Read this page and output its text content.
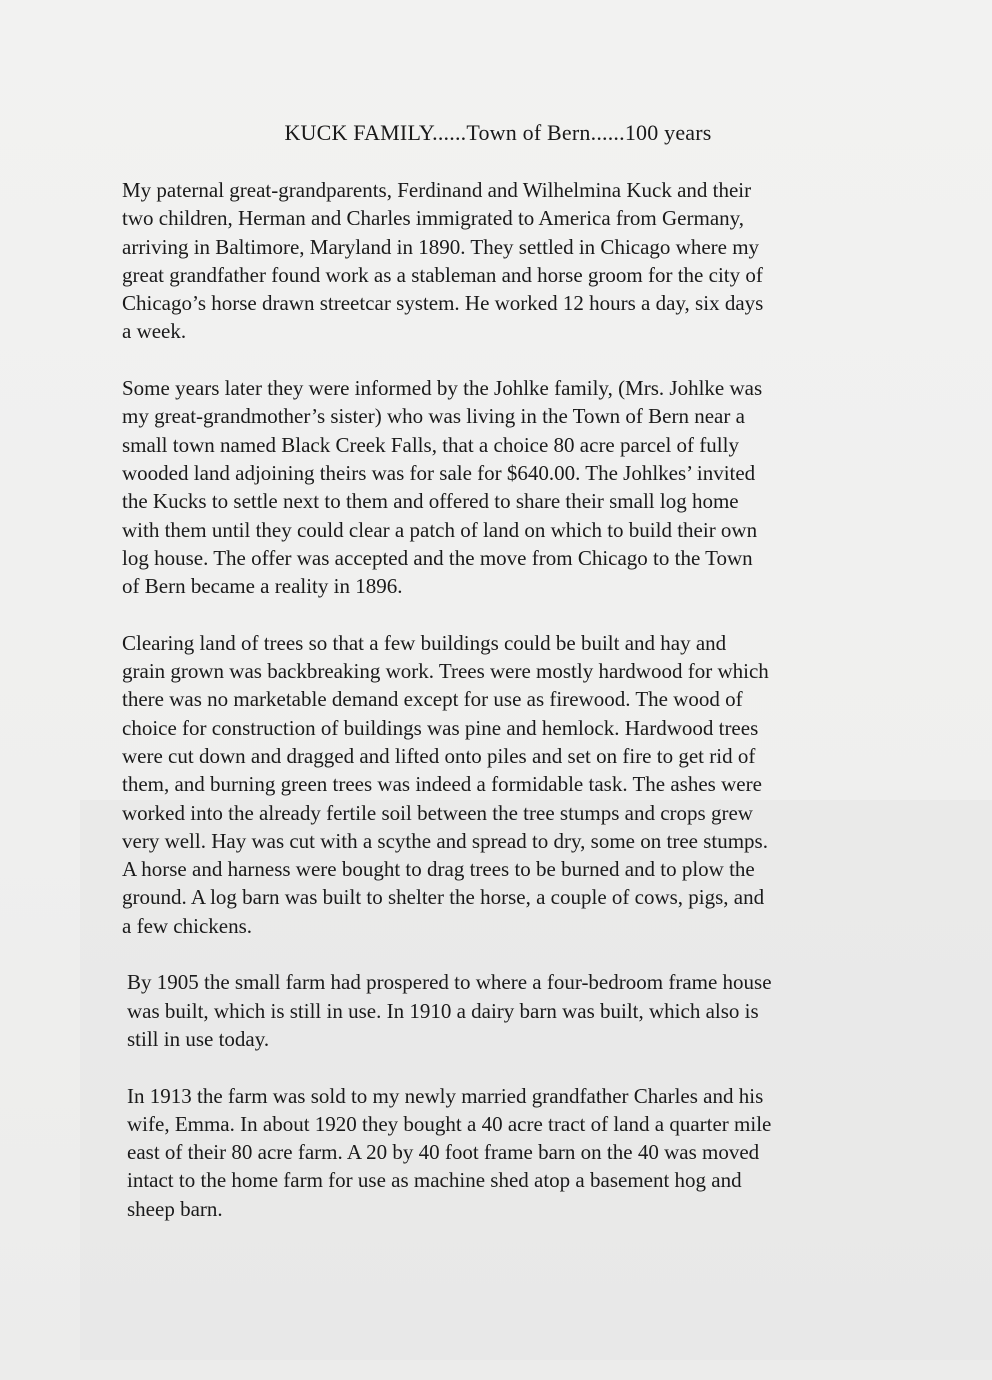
KUCK FAMILY......Town of Bern......100 years

My paternal great-grandparents, Ferdinand and Wilhelmina Kuck and their
two children, Herman and Charles immigrated to America from Germany,
arriving in Baltimore, Maryland in 1890. They settled in Chicago where my
great grandfather found work as a stableman and horse groom for the city of
Chicago’s horse drawn streetcar system. He worked 12 hours a day, six days
a week.

Some years later they were informed by the Johlke family, (Mrs. Johlke was
my great-grandmother’s sister) who was living in the Town of Bern near a
small town named Black Creek Falls, that a choice 80 acre parcel of fully
wooded land adjoining theirs was for sale for $640.00. The Johlkes’ invited
the Kucks to settle next to them and offered to share their small log home
with them until they could clear a patch of land on which to build their own
log house. The offer was accepted and the move from Chicago to the Town
of Bern became a reality in 1896.

Clearing land of trees so that a few buildings could be built and hay and
grain grown was backbreaking work. Trees were mostly hardwood for which
there was no marketable demand except for use as firewood. The wood of
choice for construction of buildings was pine and hemlock. Hardwood trees
were cut down and dragged and lifted onto piles and set on fire to get rid of
them, and burning green trees was indeed a formidable task. The ashes were
worked into the already fertile soil between the tree stumps and crops grew
very well. Hay was cut with a scythe and spread to dry, some on tree stumps.
A horse and harness were bought to drag trees to be burned and to plow the
ground. A log barn was built to shelter the horse, a couple of cows, pigs, and
a few chickens.

By 1905 the small farm had prospered to where a four-bedroom frame house
was built, which is still in use. In 1910 a dairy barn was built, which also is
still in use today.

In 1913 the farm was sold to my newly married grandfather Charles and his
wife, Emma. In about 1920 they bought a 40 acre tract of land a quarter mile
east of their 80 acre farm. A 20 by 40 foot frame barn on the 40 was moved
intact to the home farm for use as machine shed atop a basement hog and
sheep barn.
